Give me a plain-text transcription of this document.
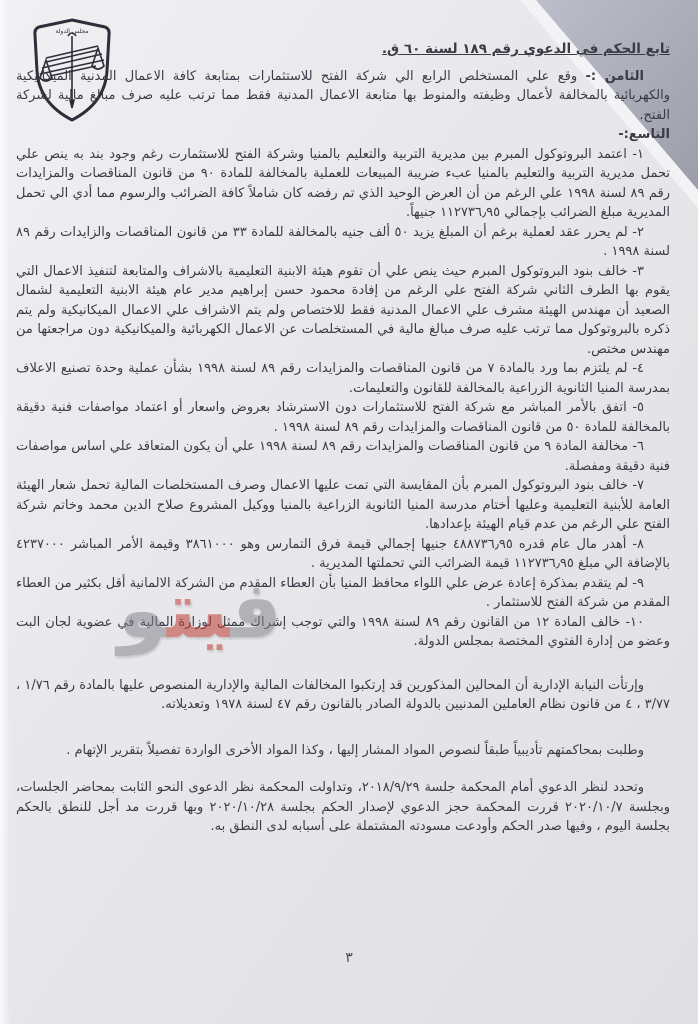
مجلس الدولة
فيتو

تابع الحكم في الدعوي رقم ١٨٩ لسنة ٦٠ ق.

الثامن :- وقع علي المستخلص الرابع الي شركة الفتح للاستثمارات بمتابعة كافة الاعمال المدنية الميكانيكية والكهربائية بالمخالفة لأعمال وظيفته والمنوط بها متابعة الاعمال المدنية فقط مما ترتب عليه صرف مبالغ مالية لشركة الفتح.

التاسع:-

١- اعتمد البروتوكول المبرم بين مديرية التربية والتعليم بالمنيا وشركة الفتح للاستثمارت رغم وجود بند به ينص علي تحمل مديرية التربية والتعليم بالمنيا عبء ضريبة المبيعات للعملية بالمخالفة للمادة ٩٠ من قانون المناقصات والمزايدات رقم ٨٩ لسنة ١٩٩٨ علي الرغم من أن العرض الوحيد الذي تم رفضه كان شاملاً كافة الضرائب والرسوم مما أدي الي تحمل المديرية مبلغ الضرائب بإجمالي ١١٢٧٣٦٫٩٥ جنيهاً.

٢- لم يحرر عقد لعملية برغم أن المبلغ يزيد ٥٠ ألف جنيه بالمخالفة للمادة ٣٣ من قانون المناقصات والزايدات رقم ٨٩ لسنة ١٩٩٨ .

٣- خالف بنود البروتوكول المبرم حيث ينص علي أن تقوم هيئة الابنية التعليمية بالاشراف والمتابعة لتنفيذ الاعمال التي يقوم بها الطرف الثاني شركة الفتح علي الرغم من إفادة محمود حسن إبراهيم مدير عام هيئة الابنية التعليمية لشمال الصعيد أن مهندس الهيئة مشرف علي الاعمال المدنية فقط للاختصاص ولم يتم الاشراف علي الاعمال الميكانيكية ولم يتم ذكره بالبروتوكول مما ترتب عليه صرف مبالغ مالية في المستخلصات عن الاعمال الكهربائية والميكانيكية دون مراجعتها من مهندس مختص.

٤- لم يلتزم بما ورد بالمادة ٧ من قانون المناقصات والمزايدات رقم ٨٩ لسنة ١٩٩٨ بشأن عملية وحدة تصنيع الاعلاف بمدرسة المنيا الثانوية الزراعية بالمخالفة للقانون والتعليمات.

٥- اتفق بالأمر المباشر مع شركة الفتح للاستثمارات دون الاسترشاد بعروض واسعار أو اعتماد مواصفات فنية دقيقة بالمخالفة للمادة ٥٠ من قانون المناقصات والمزايدات رقم ٨٩ لسنة ١٩٩٨ .

٦- مخالفة المادة ٩ من قانون المناقصات والمزايدات رقم ٨٩ لسنة ١٩٩٨ علي أن يكون المتعاقد علي اساس مواصفات فنية دقيقة ومفصلة.

٧- خالف بنود البروتوكول المبرم بأن المقايسة التي تمت عليها الاعمال وصرف المستخلصات المالية تحمل شعار الهيئة العامة للأبنية التعليمية وعليها أختام مدرسة المنيا الثانوية الزراعية بالمنيا ووكيل المشروع صلاح الدين محمد وخاتم شركة الفتح علي الرغم من عدم قيام الهيئة بإعدادها.

٨- أهدر مال عام قدره ٤٨٨٧٣٦٫٩٥ جنيها إجمالي قيمة فرق التمارس وهو ٣٨٦١٠٠٠ وقيمة الأمر المباشر ٤٢٣٧٠٠٠ بالإضافة الي مبلغ ١١٢٧٣٦٫٩٥ قيمة الضرائب التي تحملتها المديرية .

٩- لم يتقدم بمذكرة إعادة عرض علي اللواء محافظ المنيا بأن العطاء المقدم من الشركة الالمانية أقل بكثير من العطاء المقدم من شركة الفتح للاستثمار .

١٠- خالف المادة ١٢ من القانون رقم ٨٩ لسنة ١٩٩٨ والتي توجب إشراك ممثل لوزارة المالية في عضوية لجان البت وعضو من إدارة الفتوي المختصة بمجلس الدولة.

وإرتأت النيابة الإدارية أن المحالين المذكورين قد إرتكبوا المخالفات المالية والإدارية المنصوص عليها بالمادة رقم ١/٧٦ ، ٣/٧٧ ، ٤ من قانون نظام العاملين المدنيين بالدولة الصادر بالقانون رقم ٤٧ لسنة ١٩٧٨ وتعديلاته.

وطلبت بمحاكمتهم تأديبياً طبقاً لنصوص المواد المشار إليها ، وكذا المواد الأخرى الواردة تفصيلاً بتقرير الإتهام .

وتحدد لنظر الدعوي أمام المحكمة جلسة ٢٠١٨/٩/٢٩، وتداولت المحكمة نظر الدعوى النحو الثابت بمحاضر الجلسات، وبجلسة ٢٠٢٠/١٠/٧ قررت المحكمة حجز الدعوي لإصدار الحكم بجلسة ٢٠٢٠/١٠/٢٨ وبها قررت مد أجل للنطق بالحكم بجلسة اليوم ، وفيها صدر الحكم وأودعت مسودته المشتملة على أسبابه لدى النطق به.

٣
